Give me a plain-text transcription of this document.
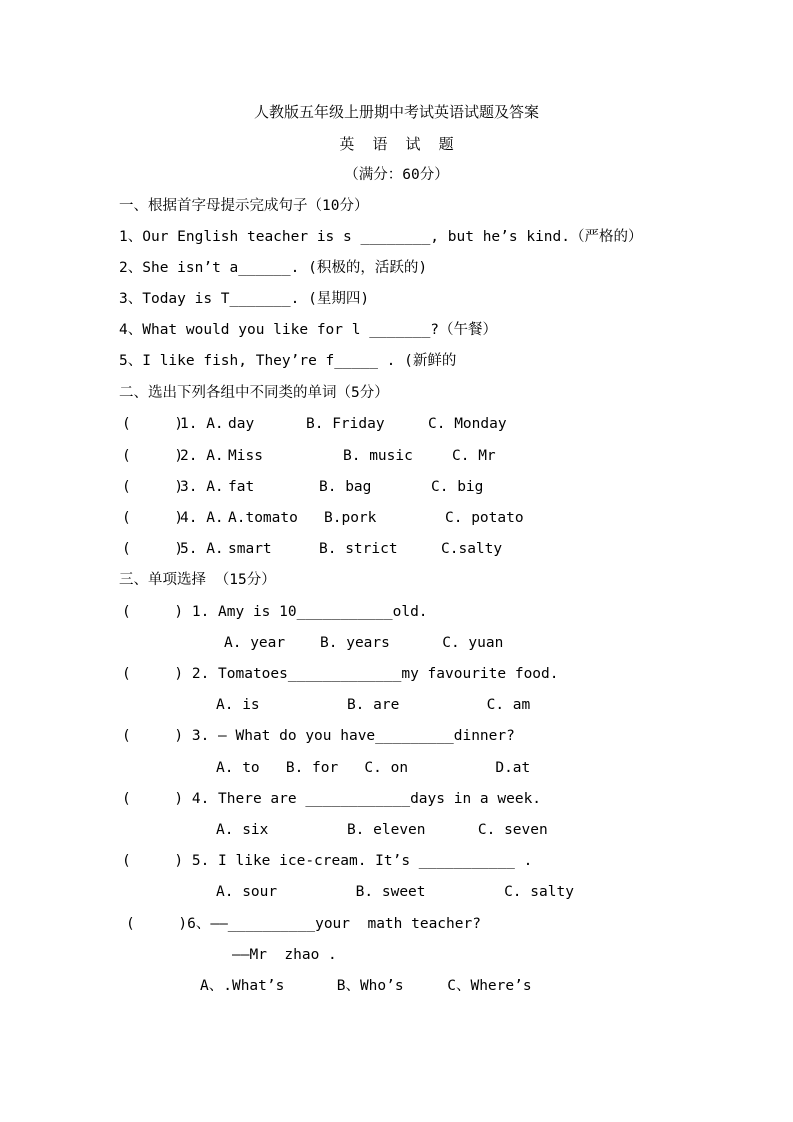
人教版五年级上册期中考试英语试题及答案
英  语  试  题
（满分：60分）
一、根据首字母提示完成句子（10分）
1、Our English teacher is s ________, but he’s kind.（严格的）
2、She isn’t a______. (积极的，活跃的)
3、Today is T_______. (星期四)
4、What would you like for l _______?（午餐）
5、I like fish, They’re f_____ . (新鲜的
二、选出下列各组中不同类的单词（5分）
(     )
1. A. day	B. Friday	C. Monday
(     )
2. A. Miss	B. music	C. Mr
(     )
3. A. fat	B. bag	C. big
(     )
4. A. A.tomato B.pork	C. potato
(     )
5. A. smart	B. strict	C.salty
三、单项选择 （15分）
(     ) 1. Amy is 10___________old.
A. year    B. years      C. yuan
(     ) 2. Tomatoes_____________my favourite food.
A. is          B. are          C. am
(     ) 3. — What do you have_________dinner?
A. to   B. for   C. on          D.at
(     ) 4. There are ____________days in a week.
A. six         B. eleven      C. seven
(     ) 5. I like ice-cream. It’s ___________ .
A. sour         B. sweet         C. salty
(     )6、——__________your  math teacher?
——Mr  zhao .
A、.What’s      B、Who’s     C、Where’s
